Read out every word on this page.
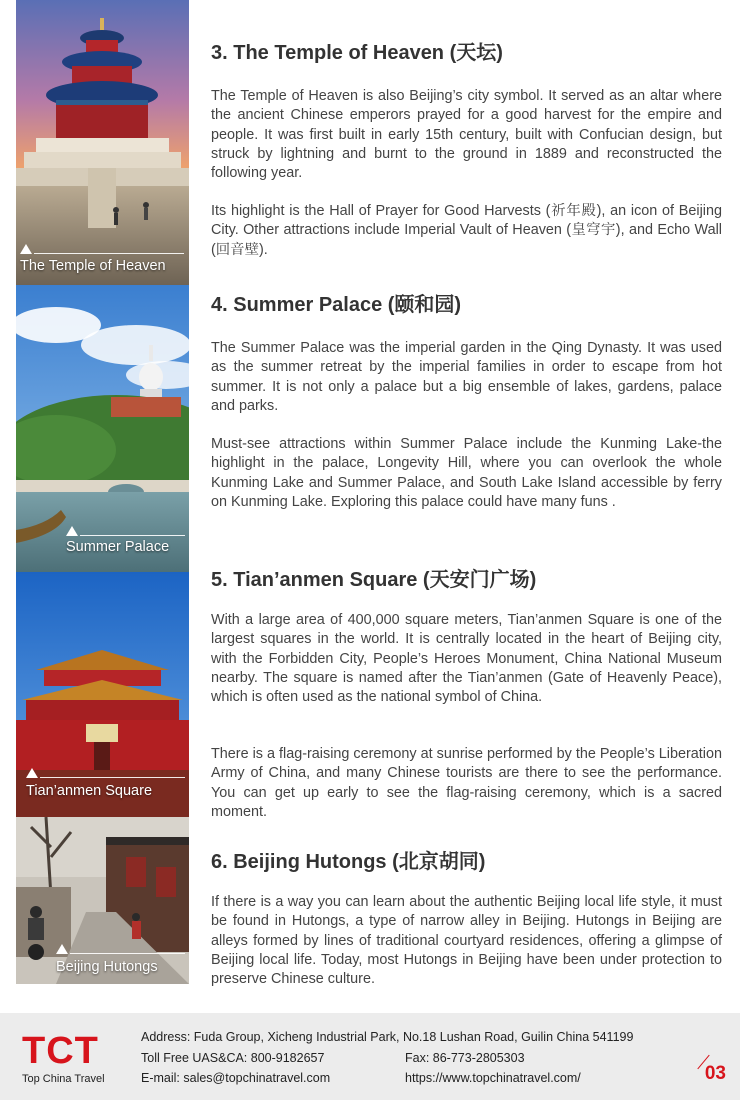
The Temple of Heaven
Summer Palace
Tian’anmen Square
Beijing Hutongs
3. The Temple of Heaven (天坛)

The Temple of Heaven is also Beijing’s city symbol. It served as an altar where the ancient Chinese emperors prayed for a good harvest for the empire and people. It was first built in early 15th century, built with Confucian design, but struck by lightning and burnt to the ground in 1889 and reconstructed the following year.

Its highlight is the Hall of Prayer for Good Harvests (祈年殿), an icon of Beijing City. Other attractions include Imperial Vault of Heaven (皇穹宇), and Echo Wall (回音壁).

4. Summer Palace (颐和园)

The Summer Palace was the imperial garden in the Qing Dynasty. It was used as the summer retreat by the imperial families in order to escape from hot summer. It is not only a palace but a big ensemble of lakes, gardens, palace and parks.

Must-see attractions within Summer Palace include the Kunming Lake-the highlight in the palace, Longevity Hill, where you can overlook the whole Kunming Lake and Summer Palace, and South Lake Island accessible by ferry on Kunming Lake. Exploring this palace could have many funs .

5. Tian’anmen Square (天安门广场)

With a large area of 400,000 square meters, Tian’anmen Square is one of the largest squares in the world. It is centrally located in the heart of Beijing city, with the Forbidden City, People’s Heroes Monument, China National Museum nearby. The square is named after the Tian’anmen (Gate of Heavenly Peace), which is often used as the national symbol of China.

There is a flag-raising ceremony at sunrise performed by the People’s Liberation Army of China, and many Chinese tourists are there to see the performance. You can get up early to see the flag-raising ceremony, which is a sacred moment.

6. Beijing Hutongs (北京胡同)

If there is a way you can learn about the authentic Beijing local life style, it must be found in Hutongs, a type of narrow alley in Beijing. Hutongs in Beijing are alleys formed by lines of traditional courtyard residences, offering a glimpse of Beijing local life. Today, most Hutongs in Beijing have been under protection to preserve Chinese culture.

TCT
Top China Travel
Address: Fuda Group, Xicheng Industrial Park, No.18 Lushan Road, Guilin China 541199
Toll Free UAS&CA: 800-9182657	Fax: 86-773-2805303
E-mail: sales@topchinatravel.com	https://www.topchinatravel.com/	03
